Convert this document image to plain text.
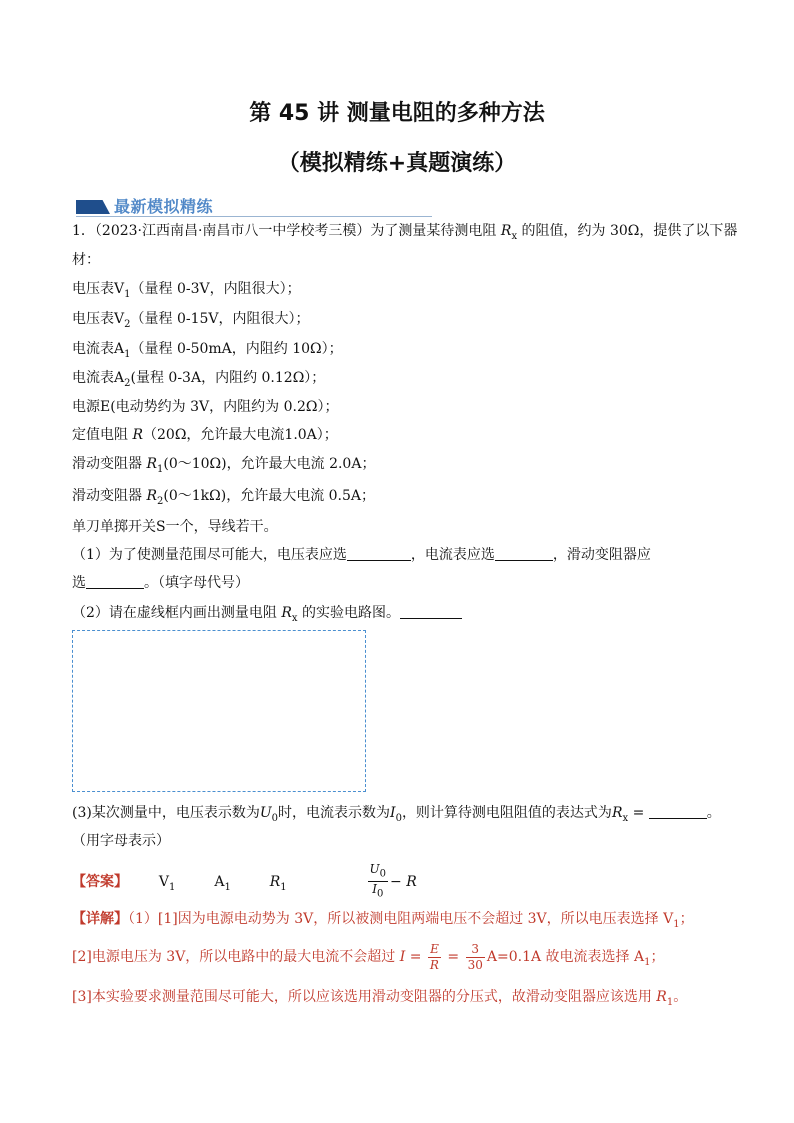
第 45 讲 测量电阻的多种方法
（模拟精练+真题演练）
最新模拟精练
1．（2023·江西南昌·南昌市八一中学校考三模）为了测量某待测电阻 $R_x$ 的阻值，约为 30Ω，提供了以下器
材：
电压表$V_1$（量程 0-3V，内阻很大）；
电压表$V_2$（量程 0-15V，内阻很大）；
电流表$A_1$（量程 0-50mA，内阻约 10Ω）；
电流表$A_2$(量程 0-3A，内阻约 0.12Ω）；
电源E(电动势约为 3V，内阻约为 0.2Ω）；
定值电阻 R（20Ω，允许最大电流1.0A）；
滑动变阻器 $R_1(0\sim 10\Omega)$，允许最大电流 2.0A；
滑动变阻器 $R_2(0\sim 1k\Omega)$，允许最大电流 0.5A；
单刀单掷开关S一个，导线若干。
（1）为了使测量范围尽可能大，电压表应选	，电流表应选	，滑动变阻器应
选	。（填字母代号）
（2）请在虚线框内画出测量电阻 $R_x$ 的实验电路图。
(3)某次测量中，电压表示数为$U_0$时，电流表示数为$I_0$，则计算待测电阻阻值的表达式为$R_x$ =	。
（用字母表示）
【答案】 $V_1$	$A_1$	$R_1$	$\frac{U_0}{I_0} - R$
【详解】（1）[1]因为电源电动势为 3V，所以被测电阻两端电压不会超过 3V，所以电压表选择 $V_1$；
[2]电源电压为 3V，所以电路中的最大电流不会超过 $I = \frac{E}{R} = \frac{3}{30} A=0.1A$ 故电流表选择 $A_1$；
[3]本实验要求测量范围尽可能大，所以应该选用滑动变阻器的分压式，故滑动变阻器应该选用 $R_1$。
